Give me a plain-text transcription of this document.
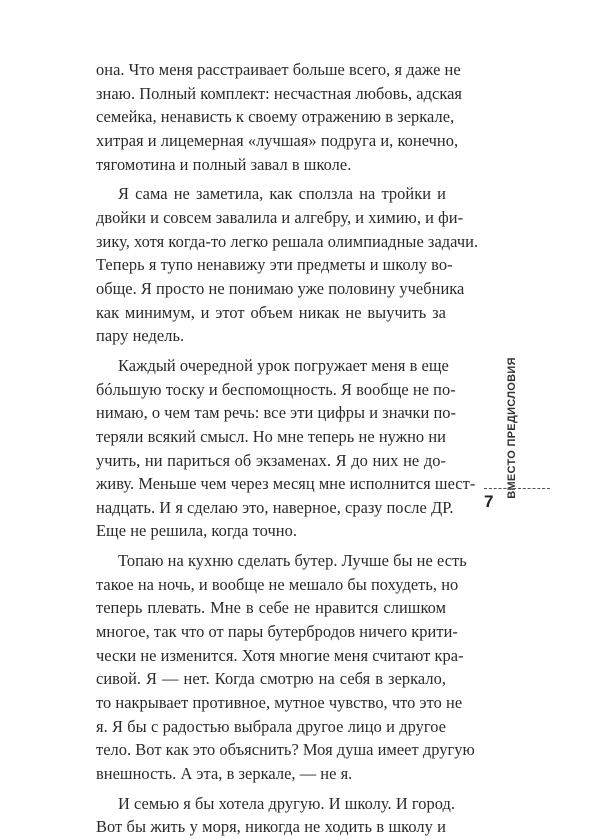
она. Что меня расстраивает больше всего, я даже не
знаю. Полный комплект: несчастная любовь, адская
семейка, ненависть к своему отражению в зеркале,
хитрая и лицемерная «лучшая» подруга и, конечно,
тягомотина и полный завал в школе.
Я сама не заметила, как сползла на тройки и
двойки и совсем завалила и алгебру, и химию, и фи-
зику, хотя когда-то легко решала олимпиадные задачи.
Теперь я тупо ненавижу эти предметы и школу во-
обще. Я просто не понимаю уже половину учебника
как минимум, и этот объем никак не выучить за
пару недель.
Каждый очередной урок погружает меня в еще
бóльшую тоску и беспомощность. Я вообще не по-
нимаю, о чем там речь: все эти цифры и значки по-
теряли всякий смысл. Но мне теперь не нужно ни
учить, ни париться об экзаменах. Я до них не до-
живу. Меньше чем через месяц мне исполнится шест-
надцать. И я сделаю это, наверное, сразу после ДР.
Еще не решила, когда точно.
Топаю на кухню сделать бутер. Лучше бы не есть
такое на ночь, и вообще не мешало бы похудеть, но
теперь плевать. Мне в себе не нравится слишком
многое, так что от пары бутербродов ничего крити-
чески не изменится. Хотя многие меня считают кра-
сивой. Я — нет. Когда смотрю на себя в зеркало,
то накрывает противное, мутное чувство, что это не
я. Я бы с радостью выбрала другое лицо и другое
тело. Вот как это объяснить? Моя душа имеет другую
внешность. А эта, в зеркале, — не я.
И семью я бы хотела другую. И школу. И город.
Вот бы жить у моря, никогда не ходить в школу и
ВМЕСТО ПРЕДИСЛОВИЯ
7
